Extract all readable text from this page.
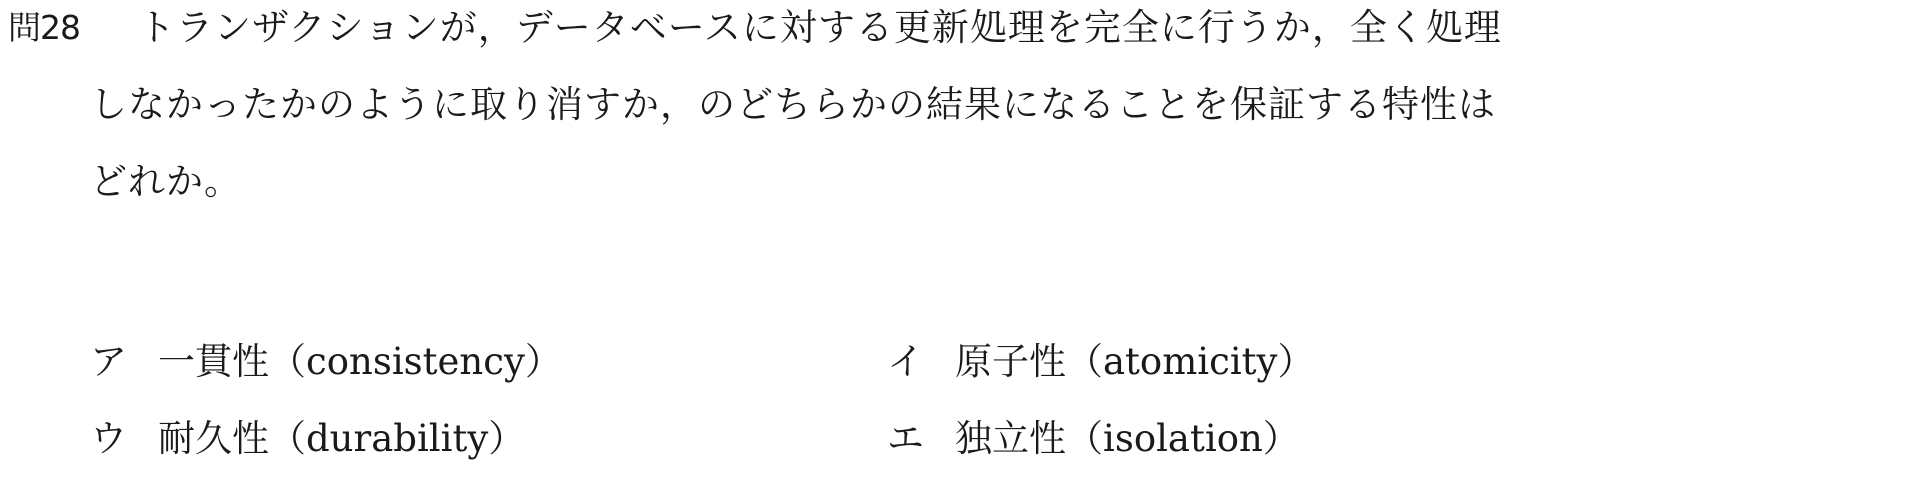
問28 トランザクションが，データベースに対する更新処理を完全に行うか，全く処理
しなかったかのように取り消すか，のどちらかの結果になることを保証する特性は
どれか。
ア 一貫性（consistency）	イ 原子性（atomicity）
ウ 耐久性（durability）	エ 独立性（isolation）
